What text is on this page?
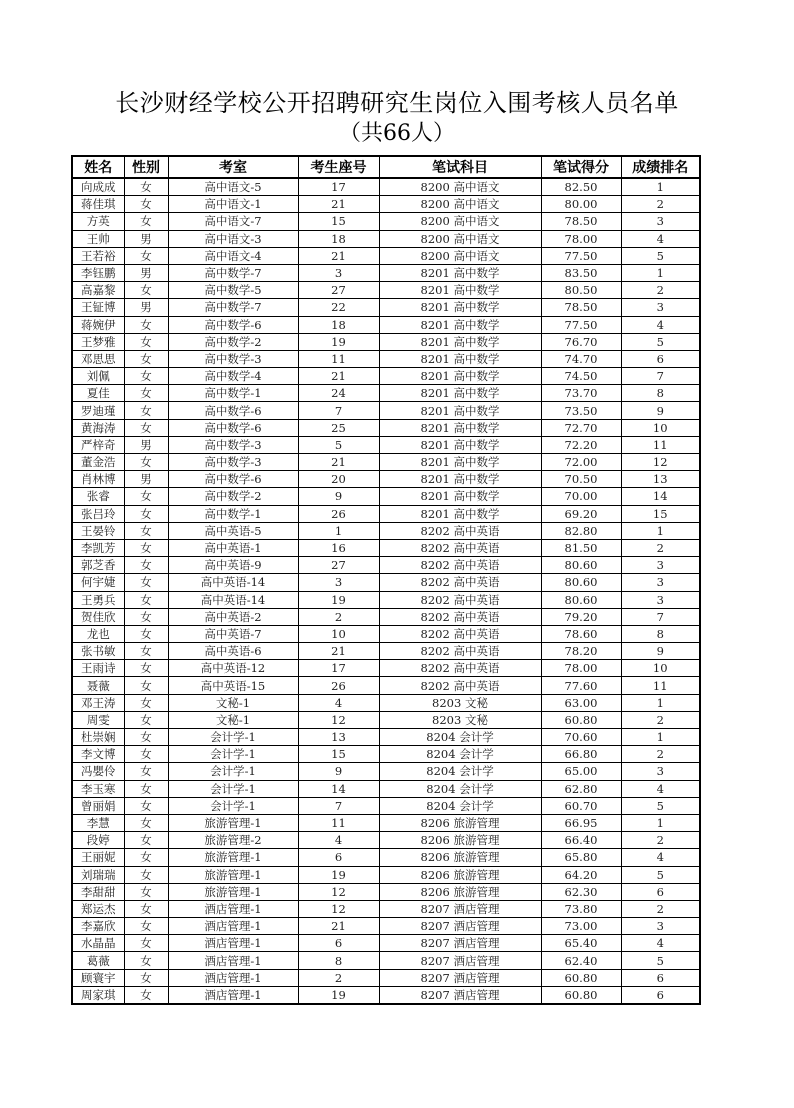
长沙财经学校公开招聘研究生岗位入围考核人员名单
（共66人）
姓名	性别	考室	考生座号	笔试科目	笔试得分	成绩排名
向成成	女	高中语文-5	17	8200 高中语文	82.50	1
蒋佳琪	女	高中语文-1	21	8200 高中语文	80.00	2
方英	女	高中语文-7	15	8200 高中语文	78.50	3
王帅	男	高中语文-3	18	8200 高中语文	78.00	4
王若裕	女	高中语文-4	21	8200 高中语文	77.50	5
李钰鹏	男	高中数学-7	3	8201 高中数学	83.50	1
高嘉黎	女	高中数学-5	27	8201 高中数学	80.50	2
王钲博	男	高中数学-7	22	8201 高中数学	78.50	3
蒋婉伊	女	高中数学-6	18	8201 高中数学	77.50	4
王梦雅	女	高中数学-2	19	8201 高中数学	76.70	5
邓思思	女	高中数学-3	11	8201 高中数学	74.70	6
刘佩	女	高中数学-4	21	8201 高中数学	74.50	7
夏佳	女	高中数学-1	24	8201 高中数学	73.70	8
罗迪瑾	女	高中数学-6	7	8201 高中数学	73.50	9
黄海涛	女	高中数学-6	25	8201 高中数学	72.70	10
严梓奇	男	高中数学-3	5	8201 高中数学	72.20	11
董金浩	女	高中数学-3	21	8201 高中数学	72.00	12
肖林博	男	高中数学-6	20	8201 高中数学	70.50	13
张睿	女	高中数学-2	9	8201 高中数学	70.00	14
张吕玲	女	高中数学-1	26	8201 高中数学	69.20	15
王晏铃	女	高中英语-5	1	8202 高中英语	82.80	1
李凯芳	女	高中英语-1	16	8202 高中英语	81.50	2
郭芝香	女	高中英语-9	27	8202 高中英语	80.60	3
何宇婕	女	高中英语-14	3	8202 高中英语	80.60	3
王勇兵	女	高中英语-14	19	8202 高中英语	80.60	3
贺佳欣	女	高中英语-2	2	8202 高中英语	79.20	7
龙也	女	高中英语-7	10	8202 高中英语	78.60	8
张书敏	女	高中英语-6	21	8202 高中英语	78.20	9
王雨诗	女	高中英语-12	17	8202 高中英语	78.00	10
聂薇	女	高中英语-15	26	8202 高中英语	77.60	11
邓王涛	女	文秘-1	4	8203 文秘	63.00	1
周雯	女	文秘-1	12	8203 文秘	60.80	2
杜崇娴	女	会计学-1	13	8204 会计学	70.60	1
李文博	女	会计学-1	15	8204 会计学	66.80	2
冯嬰伶	女	会计学-1	9	8204 会计学	65.00	3
李玉寒	女	会计学-1	14	8204 会计学	62.80	4
曾丽娟	女	会计学-1	7	8204 会计学	60.70	5
李慧	女	旅游管理-1	11	8206 旅游管理	66.95	1
段婷	女	旅游管理-2	4	8206 旅游管理	66.40	2
王丽妮	女	旅游管理-1	6	8206 旅游管理	65.80	4
刘瑞瑞	女	旅游管理-1	19	8206 旅游管理	64.20	5
李甜甜	女	旅游管理-1	12	8206 旅游管理	62.30	6
郑运杰	女	酒店管理-1	12	8207 酒店管理	73.80	2
李嘉欣	女	酒店管理-1	21	8207 酒店管理	73.00	3
水晶晶	女	酒店管理-1	6	8207 酒店管理	65.40	4
葛薇	女	酒店管理-1	8	8207 酒店管理	62.40	5
顾寰宇	女	酒店管理-1	2	8207 酒店管理	60.80	6
周家琪	女	酒店管理-1	19	8207 酒店管理	60.80	6
